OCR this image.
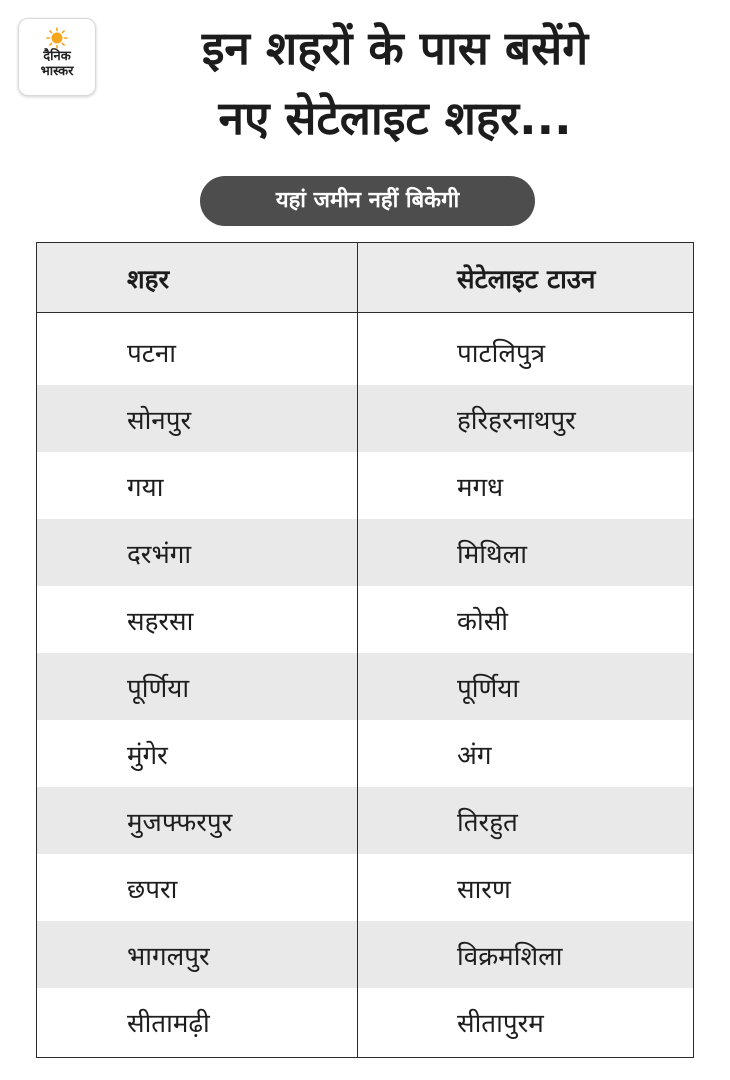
दैनिक
भास्कर	इन शहरों के पास बसेंगे
नए सेटेलाइट शहर...
यहां जमीन नहीं बिकेगी
शहर	सेटेलाइट टाउन
पटना	पाटलिपुत्र
सोनपुर	हरिहरनाथपुर
गया	मगध
दरभंगा	मिथिला
सहरसा	कोसी
पूर्णिया	पूर्णिया
मुंगेर	अंग
मुजफ्फरपुर	तिरहुत
छपरा	सारण
भागलपुर	विक्रमशिला
सीतामढ़ी	सीतापुरम
